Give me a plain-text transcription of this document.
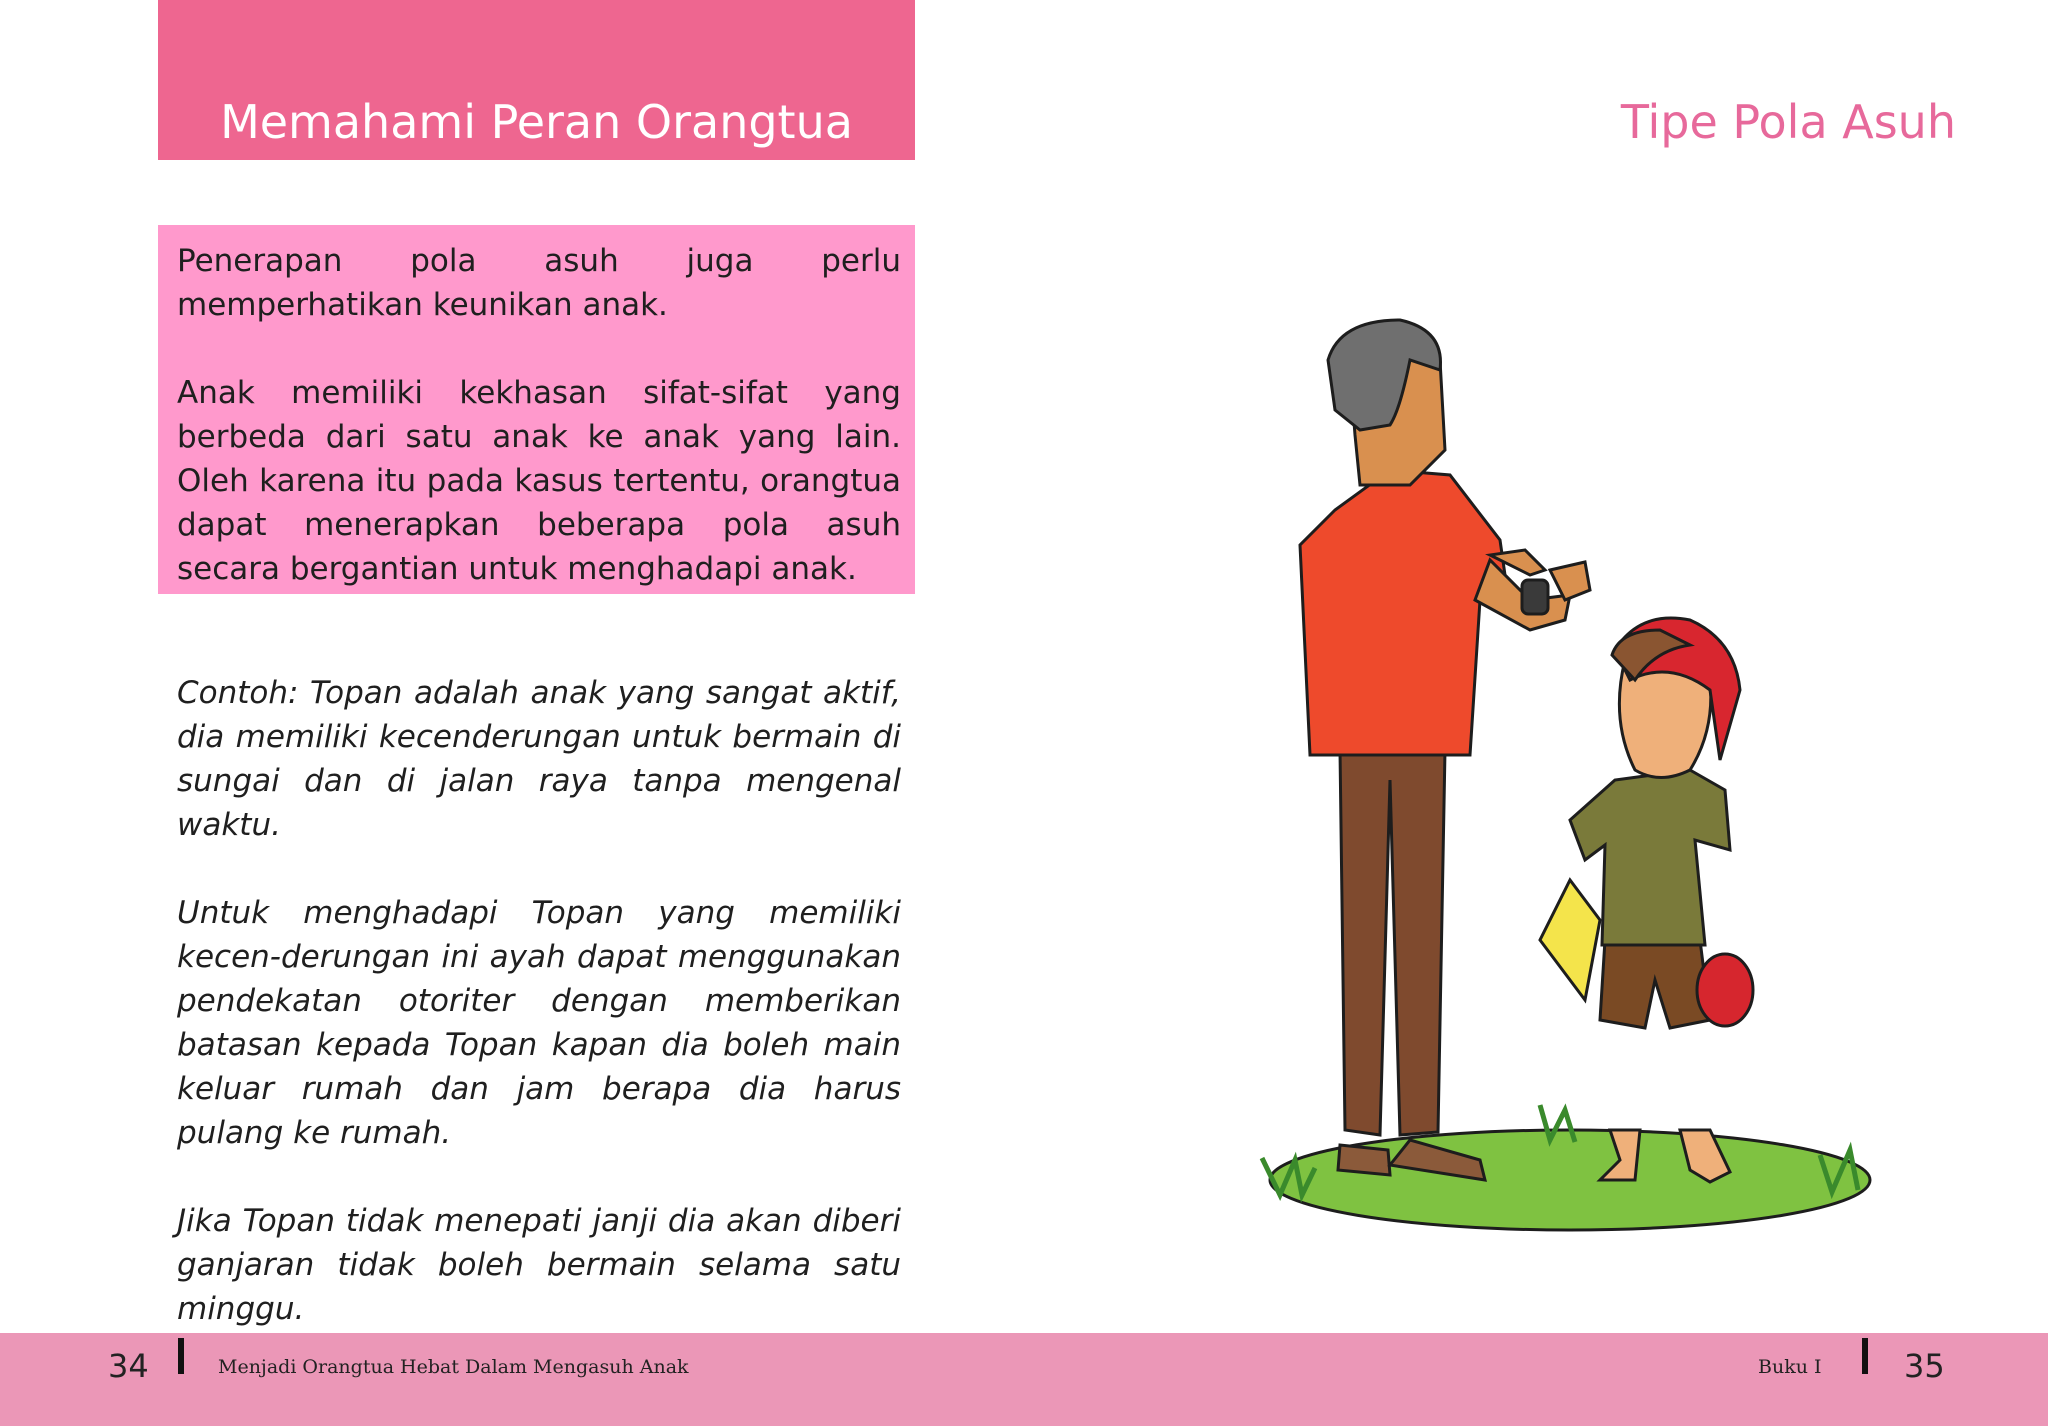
Memahami Peran Orangtua	Tipe Pola Asuh

Penerapan pola asuh juga perlu memperhatikan keunikan anak.

Anak memiliki kekhasan sifat-sifat yang berbeda dari satu anak ke anak yang lain. Oleh karena itu pada kasus tertentu, orangtua dapat menerapkan beberapa pola asuh secara bergantian untuk menghadapi anak.

Contoh: Topan adalah anak yang sangat aktif, dia memiliki kecenderungan untuk bermain di sungai dan di jalan raya tanpa mengenal waktu.

Untuk menghadapi Topan yang memiliki kecen-derungan ini ayah dapat menggunakan pendekatan otoriter dengan memberikan batasan kepada Topan kapan dia boleh main keluar rumah dan jam berapa dia harus pulang ke rumah.

Jika Topan tidak menepati janji dia akan diberi ganjaran tidak boleh bermain selama satu minggu.

34	Menjadi Orangtua Hebat Dalam Mengasuh Anak	Buku I	35
